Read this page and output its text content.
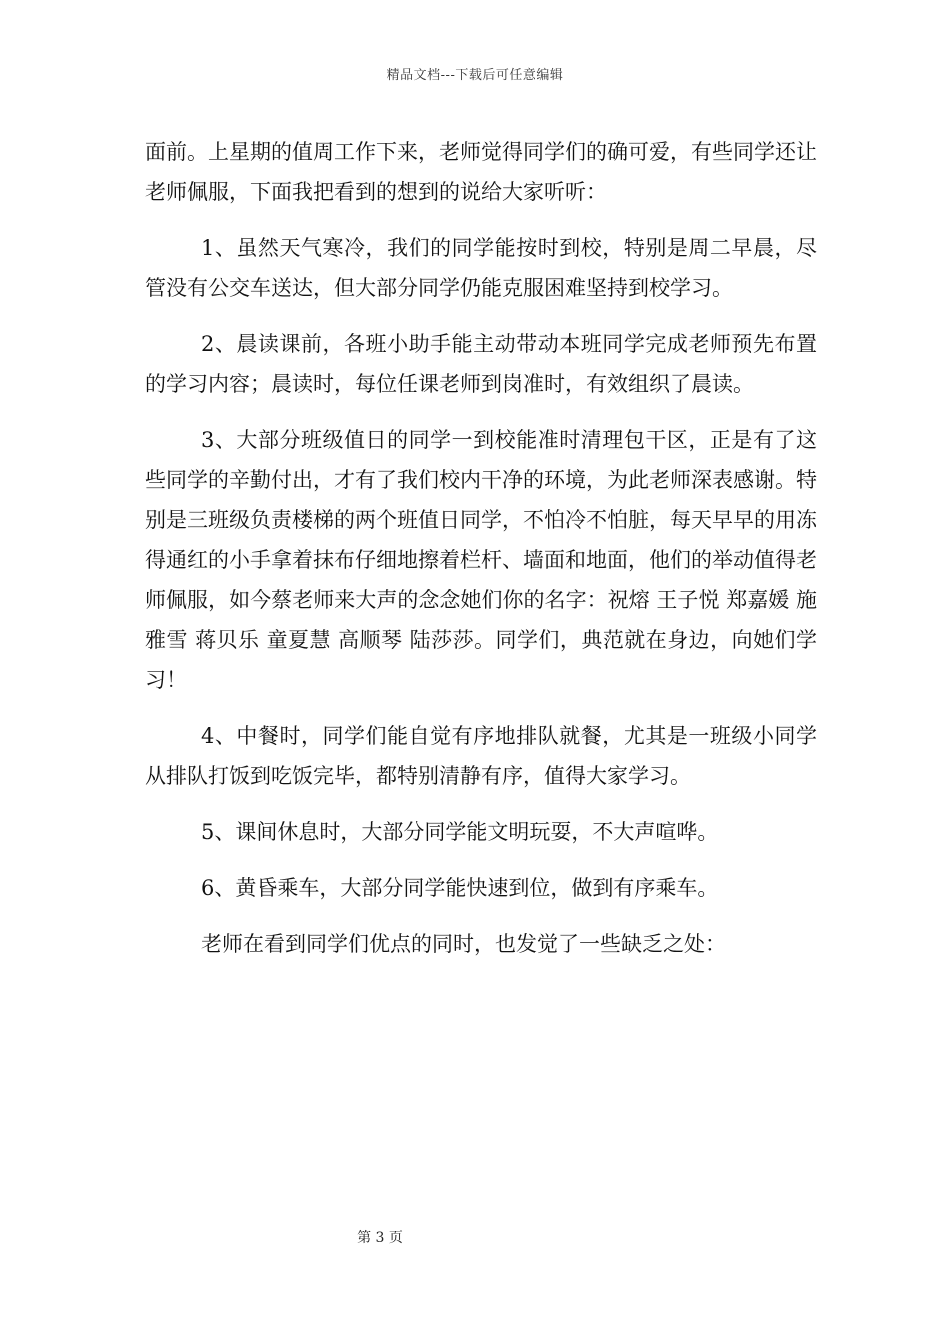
精品文档---下载后可任意编辑

面前。上星期的值周工作下来，老师觉得同学们的确可爱，有些同学还让老师佩服，下面我把看到的想到的说给大家听听：

1、虽然天气寒冷，我们的同学能按时到校，特别是周二早晨，尽管没有公交车送达，但大部分同学仍能克服困难坚持到校学习。

2、晨读课前，各班小助手能主动带动本班同学完成老师预先布置的学习内容；晨读时，每位任课老师到岗准时，有效组织了晨读。

3、大部分班级值日的同学一到校能准时清理包干区，正是有了这些同学的辛勤付出，才有了我们校内干净的环境，为此老师深表感谢。特别是三班级负责楼梯的两个班值日同学，不怕冷不怕脏，每天早早的用冻得通红的小手拿着抹布仔细地擦着栏杆、墙面和地面，他们的举动值得老师佩服，如今蔡老师来大声的念念她们你的名字：祝熔 王子悦 郑嘉媛 施雅雪 蒋贝乐 童夏慧 高顺琴 陆莎莎。同学们，典范就在身边，向她们学习！

4、中餐时，同学们能自觉有序地排队就餐，尤其是一班级小同学从排队打饭到吃饭完毕，都特别清静有序，值得大家学习。

5、课间休息时，大部分同学能文明玩耍，不大声喧哗。

6、黄昏乘车，大部分同学能快速到位，做到有序乘车。

老师在看到同学们优点的同时，也发觉了一些缺乏之处：

第 3 页
